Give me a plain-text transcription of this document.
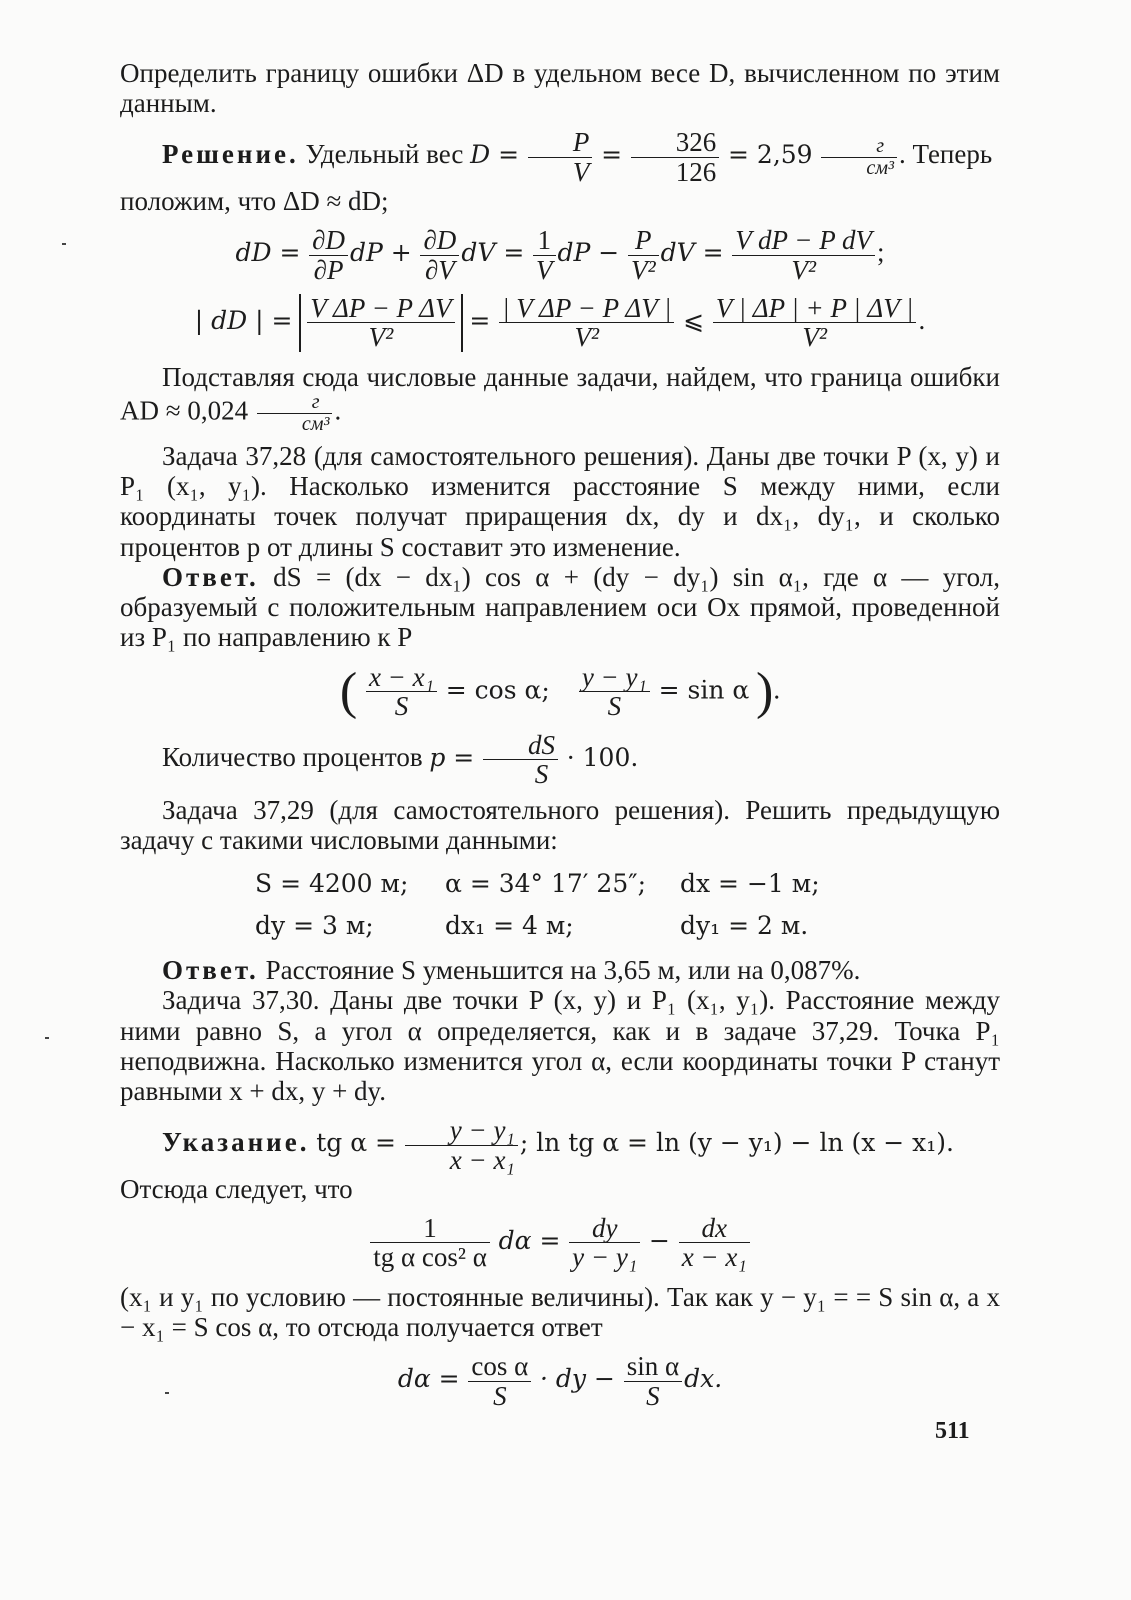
Определить границу ошибки ΔD в удельном весе D, вычисленном по этим данным.

Решение. Удельный вес $D = \frac{P}{V} = \frac{326}{126} = 2,59 \frac{г}{\text{см³}}$ . Теперь

положим, что ΔD ≈ dD;

dD = $\frac{\partial D}{\partial P}$ dP + $\frac{\partial D}{\partial V}$ dV = $\frac{1}{V}$ dP − $\frac{P}{\text{V²}}$ dV = $\frac{\text{V dP − P dV}}{\text{V²}}$ ;
| dD | = $\frac{\text{V ΔP − P ΔV}}{\text{V²}} = \frac{\text{| V ΔP − P ΔV |}}{\text{V²}}$ ⩽ $\frac{V | \Delta P | + P | \Delta V |}{\text{V²}}$ .

Подставляя сюда числовые данные задачи, найдем, что граница ошибки AD ≈ $0,024 \frac{г}{\text{см³}}$ .

Задача 37,28 (для самостоятельного решения). Даны две точки P (x, y) и P₁ (x₁, y₁). Насколько изменится расстояние S между ними, если координаты точек получат приращения dx, dy и dx₁, dy₁, и сколько процентов p от длины S составит это изменение.

Ответ. dS = (dx − dx₁) cos α + (dy − dy₁) sin α₁, где α — угол, образуемый с положительным направлением оси Ox прямой, проведенной из P₁ по направлению к P

( $\frac{\text{x − x₁}}{S} = \cos \alpha$; $\frac{\text{y − y₁}}{S} = \sin \alpha$ ).

Количество процентов $p = \frac{dS}{S} \cdot 100$.

Задача 37,29 (для самостоятельного решения). Решить предыдущую задачу с такими числовыми данными:

S = 4200 м;	α = 34° 17′ 25″;	dx = −1 м;
dy = 3 м;	dx₁ = 4 м;	dy₁ = 2 м.

Ответ. Расстояние S уменьшится на 3,65 м, или на 0,087%.

Задича 37,30. Даны две точки P (x, y) и P₁ (x₁, y₁). Расстояние между ними равно S, а угол α определяется, как и в задаче 37,29. Точка P₁ неподвижна. Насколько изменится угол α, если координаты точки P станут равными x + dx, y + dy.

Указание. tg $\alpha = \frac{\text{y − y₁}}{\text{x − x₁}}$ ; ln tg α = ln (y − y₁) − ln (x − x₁).

Отсюда следует, что

$\frac{1}{\text{tg α cos² α}}$ $d\alpha = \frac{dy}{\text{y − y₁}} - \frac{dx}{\text{x − x₁}}$

(x₁ и y₁ по условию — постоянные величины). Так как y − y₁ = = S sin α, а x − x₁ = S cos α, то отсюда получается ответ

$d\alpha = \frac{\text{cos α}}{S}$ · dy − $\frac{\text{sin α}}{S}$ dx.
511
